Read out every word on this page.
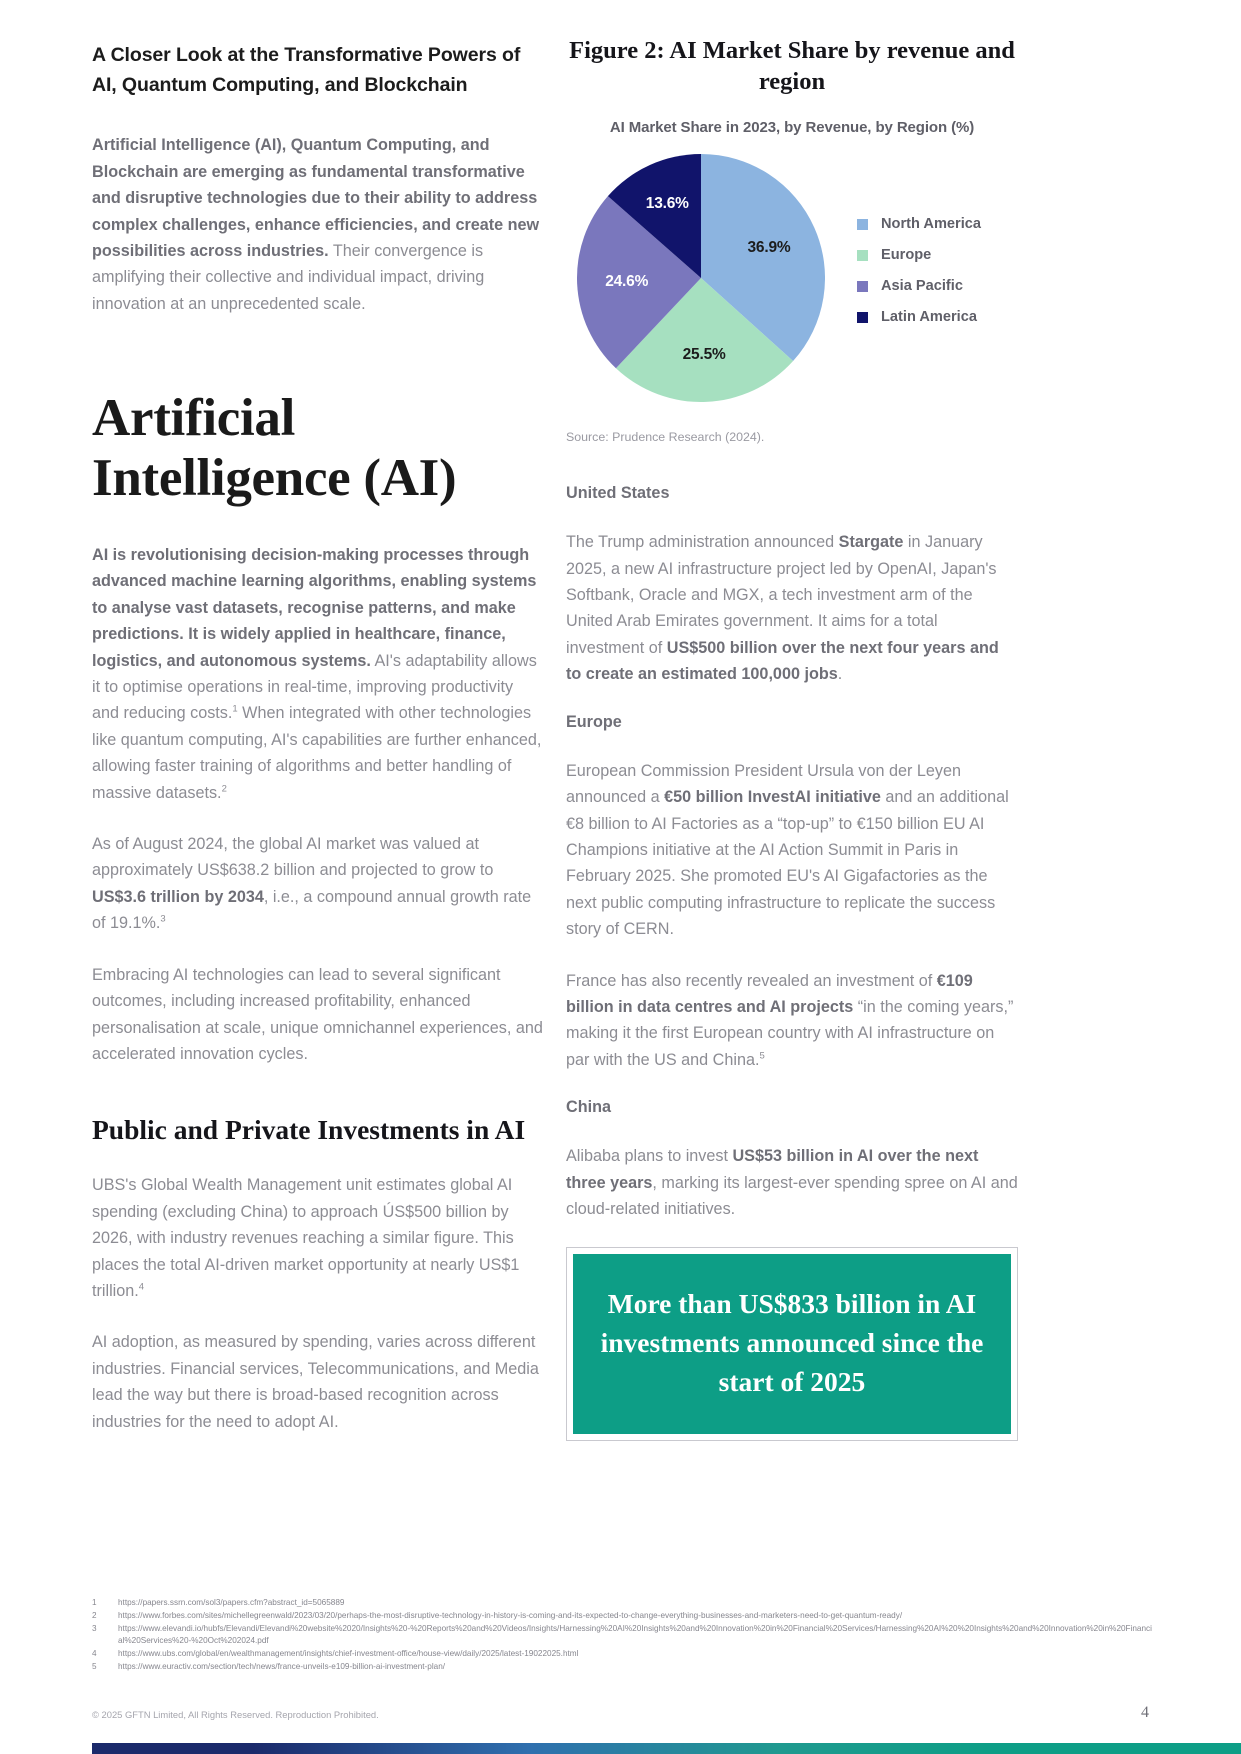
A Closer Look at the Transformative Powers of AI, Quantum Computing, and Blockchain

Artificial Intelligence (AI), Quantum Computing, and Blockchain are emerging as fundamental transformative and disruptive technologies due to their ability to address complex challenges, enhance efficiencies, and create new possibilities across industries. Their convergence is amplifying their collective and individual impact, driving innovation at an unprecedented scale.

Artificial Intelligence (AI)

AI is revolutionising decision-making processes through advanced machine learning algorithms, enabling systems to analyse vast datasets, recognise patterns, and make predictions. It is widely applied in healthcare, finance, logistics, and autonomous systems. AI's adaptability allows it to optimise operations in real-time, improving productivity and reducing costs.$^1$ When integrated with other technologies like quantum computing, AI's capabilities are further enhanced, allowing faster training of algorithms and better handling of massive datasets.$^2$

As of August 2024, the global AI market was valued at approximately US$638.2 billion and projected to grow to US$3.6 trillion by 2034, i.e., a compound annual growth rate of 19.1%.$^3$

Embracing AI technologies can lead to several significant outcomes, including increased profitability, enhanced personalisation at scale, unique omnichannel experiences, and accelerated innovation cycles.

Public and Private Investments in AI

UBS's Global Wealth Management unit estimates global AI spending (excluding China) to approach ÚS$500 billion by 2026, with industry revenues reaching a similar figure. This places the total AI-driven market opportunity at nearly US$1 trillion.$^4$

AI adoption, as measured by spending, varies across different industries. Financial services, Telecommunications, and Media lead the way but there is broad-based recognition across industries for the need to adopt AI.

Figure 2: AI Market Share by revenue and region
AI Market Share in 2023, by Revenue, by Region (%)
36.9%
25.5%
24.6%
13.6%
North America
Europe
Asia Pacific
Latin America
Source: Prudence Research (2024).
United States

The Trump administration announced Stargate in January 2025, a new AI infrastructure project led by OpenAI, Japan's Softbank, Oracle and MGX, a tech investment arm of the United Arab Emirates government. It aims for a total investment of US$500 billion over the next four years and to create an estimated 100,000 jobs.

Europe

European Commission President Ursula von der Leyen announced a €50 billion InvestAI initiative and an additional €8 billion to AI Factories as a “top-up” to €150 billion EU AI Champions initiative at the AI Action Summit in Paris in February 2025. She promoted EU's AI Gigafactories as the next public computing infrastructure to replicate the success story of CERN.

France has also recently revealed an investment of €109 billion in data centres and AI projects “in the coming years,” making it the first European country with AI infrastructure on par with the US and China.$^5$

China

Alibaba plans to invest US$53 billion in AI over the next three years, marking its largest-ever spending spree on AI and cloud-related initiatives.

More than US$833 billion in AI investments announced since the start of 2025
1	https://papers.ssrn.com/sol3/papers.cfm?abstract_id=5065889
2	https://www.forbes.com/sites/michellegreenwald/2023/03/20/perhaps-the-most-disruptive-technology-in-history-is-coming-and-its-expected-to-change-everything-businesses-and-marketers-need-to-get-quantum-ready/
3	https://www.elevandi.io/hubfs/Elevandi/Elevandi%20website%2020/Insights%20-%20Reports%20and%20Videos/Insights/Harnessing%20AI%20Insights%20and%20Innovation%20in%20Financial%20Services/Harnessing%20AI%20%20Insights%20and%20Innovation%20in%20Financial%20Services%20-%20Oct%202024.pdf
4	https://www.ubs.com/global/en/wealthmanagement/insights/chief-investment-office/house-view/daily/2025/latest-19022025.html
5	https://www.euractiv.com/section/tech/news/france-unveils-e109-billion-ai-investment-plan/
© 2025 GFTN Limited, All Rights Reserved. Reproduction Prohibited.	4
